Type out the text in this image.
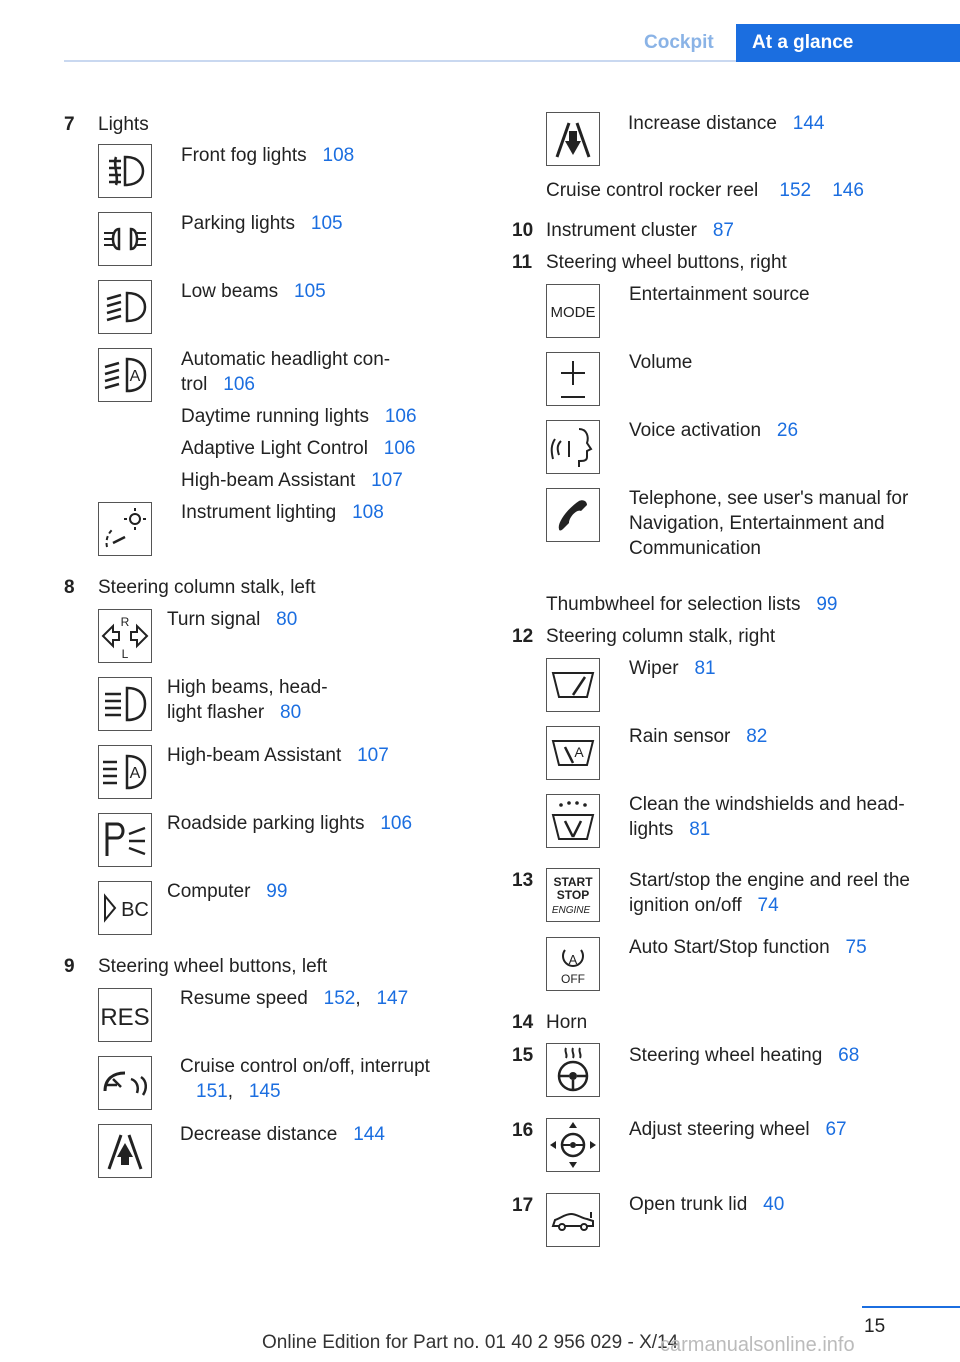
Cockpit	At a glance
7 Lights
Front fog lights 108
Parking lights 105
Low beams 105
A
Automatic headlight con-
trol 106
Daytime running lights 106
Adaptive Light Control 106
High-beam Assistant 107
Instrument lighting 108
8 Steering column stalk, left
R
L
Turn signal 80
High beams, head-
light flasher 80
A
High-beam Assistant 107
Roadside parking lights 106
BC
Computer 99
9 Steering wheel buttons, left
RES
Resume speed 152,   147
Cruise control on/off, interrupt
151,   145
Decrease distance 144
Increase distance 144
Cruise control rocker reel 152 146
10 Instrument cluster 87
11 Steering wheel buttons, right
MODE
Entertainment source
Volume
Voice activation 26
Telephone, see user's manual for
Navigation, Entertainment and
Communication
Thumbwheel for selection lists 99
12 Steering column stalk, right
Wiper 81
A
Rain sensor 82
Clean the windshields and head-
lights 81
13 START
STOP
ENGINE
Start/stop the engine and reel the
ignition on/off 74
A
OFF
Auto Start/Stop function 75
14 Horn
15	Steering wheel heating 68
16	Adjust steering wheel 67
17	Open trunk lid 40
15
Online Edition for Part no. 01 40 2 956 029 - X/14
carmanualsonline.info
